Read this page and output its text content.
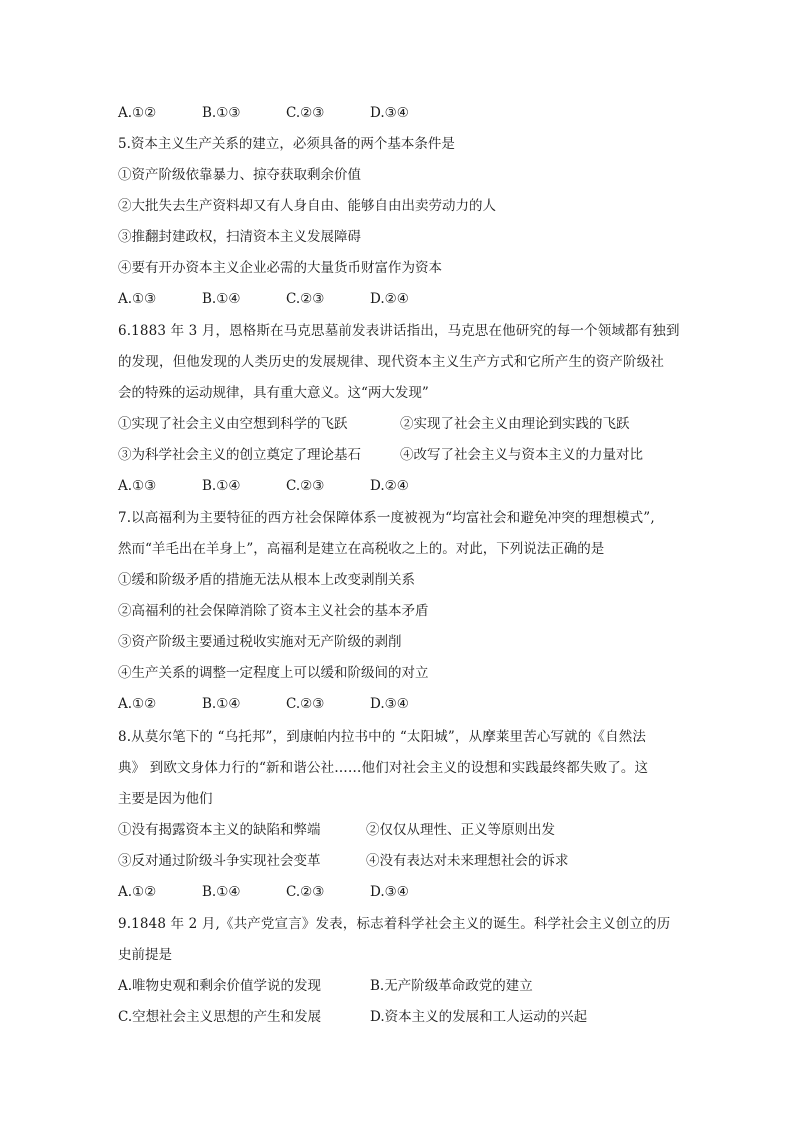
A.①②	B.①③	C.②③	D.③④
5.资本主义生产关系的建立，必须具备的两个基本条件是
①资产阶级依靠暴力、掠夺获取剩余价值
②大批失去生产资料却又有人身自由、能够自由出卖劳动力的人
③推翻封建政权，扫清资本主义发展障碍
④要有开办资本主义企业必需的大量货币财富作为资本
A.①③	B.①④	C.②③	D.②④
6.1883 年 3 月，恩格斯在马克思墓前发表讲话指出，马克思在他研究的每一个领域都有独到
的发现，但他发现的人类历史的发展规律、现代资本主义生产方式和它所产生的资产阶级社
会的特殊的运动规律，具有重大意义。这“两大发现”
①实现了社会主义由空想到科学的飞跃	②实现了社会主义由理论到实践的飞跃
③为科学社会主义的创立奠定了理论基石	④改写了社会主义与资本主义的力量对比
A.①③	B.①④	C.②③	D.②④
7.以高福利为主要特征的西方社会保障体系一度被视为“均富社会和避免冲突的理想模式”,
然而“羊毛出在羊身上”，高福利是建立在高税收之上的。对此，下列说法正确的是
①缓和阶级矛盾的措施无法从根本上改变剥削关系
②高福利的社会保障消除了资本主义社会的基本矛盾
③资产阶级主要通过税收实施对无产阶级的剥削
④生产关系的调整一定程度上可以缓和阶级间的对立
A.①②	B.①④	C.②③	D.③④
8.从莫尔笔下的 “乌托邦”，到康帕内拉书中的 “太阳城”，从摩莱里苦心写就的《自然法
典》 到欧文身体力行的“新和谐公社……他们对社会主义的设想和实践最终都失败了。这
主要是因为他们
①没有揭露资本主义的缺陷和弊端	②仅仅从理性、正义等原则出发
③反对通过阶级斗争实现社会变革	④没有表达对未来理想社会的诉求
A.①②	B.①④	C.②③	D.③④
9.1848 年 2 月,《共产党宣言》发表，标志着科学社会主义的诞生。科学社会主义创立的历
史前提是
A.唯物史观和剩余价值学说的发现	B.无产阶级革命政党的建立
C.空想社会主义思想的产生和发展	D.资本主义的发展和工人运动的兴起
